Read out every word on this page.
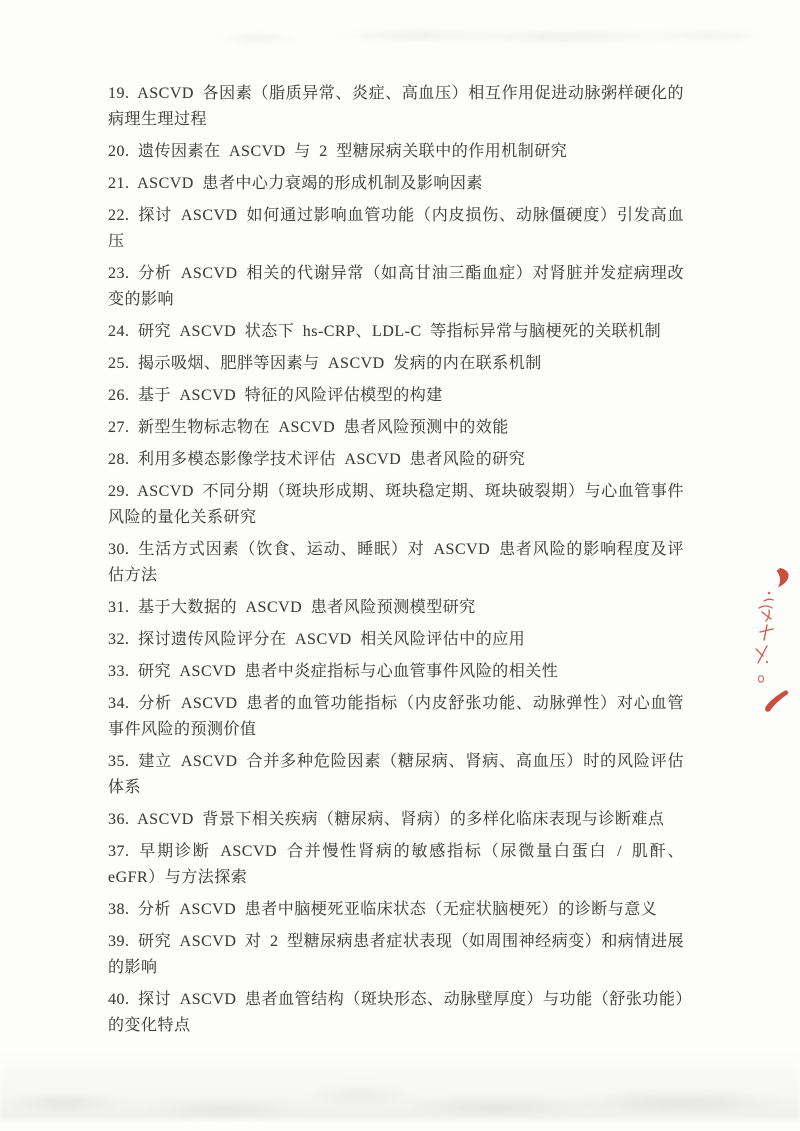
19. ASCVD 各因素（脂质异常、炎症、高血压）相互作用促进动脉粥样硬化的病理生理过程

20. 遗传因素在 ASCVD 与 2 型糖尿病关联中的作用机制研究

21. ASCVD 患者中心力衰竭的形成机制及影响因素

22. 探讨 ASCVD 如何通过影响血管功能（内皮损伤、动脉僵硬度）引发高血压

23. 分析 ASCVD 相关的代谢异常（如高甘油三酯血症）对肾脏并发症病理改变的影响

24. 研究 ASCVD 状态下 hs-CRP、LDL-C 等指标异常与脑梗死的关联机制

25. 揭示吸烟、肥胖等因素与 ASCVD 发病的内在联系机制

26. 基于 ASCVD 特征的风险评估模型的构建

27. 新型生物标志物在 ASCVD 患者风险预测中的效能

28. 利用多模态影像学技术评估 ASCVD 患者风险的研究

29. ASCVD 不同分期（斑块形成期、斑块稳定期、斑块破裂期）与心血管事件风险的量化关系研究

30. 生活方式因素（饮食、运动、睡眠）对 ASCVD 患者风险的影响程度及评估方法

31. 基于大数据的 ASCVD 患者风险预测模型研究

32. 探讨遗传风险评分在 ASCVD 相关风险评估中的应用

33. 研究 ASCVD 患者中炎症指标与心血管事件风险的相关性

34. 分析 ASCVD 患者的血管功能指标（内皮舒张功能、动脉弹性）对心血管事件风险的预测价值

35. 建立 ASCVD 合并多种危险因素（糖尿病、肾病、高血压）时的风险评估体系

36. ASCVD 背景下相关疾病（糖尿病、肾病）的多样化临床表现与诊断难点

37. 早期诊断 ASCVD 合并慢性肾病的敏感指标（尿微量白蛋白 / 肌酐、eGFR）与方法探索

38. 分析 ASCVD 患者中脑梗死亚临床状态（无症状脑梗死）的诊断与意义

39. 研究 ASCVD 对 2 型糖尿病患者症状表现（如周围神经病变）和病情进展的影响

40. 探讨 ASCVD 患者血管结构（斑块形态、动脉壁厚度）与功能（舒张功能）的变化特点
